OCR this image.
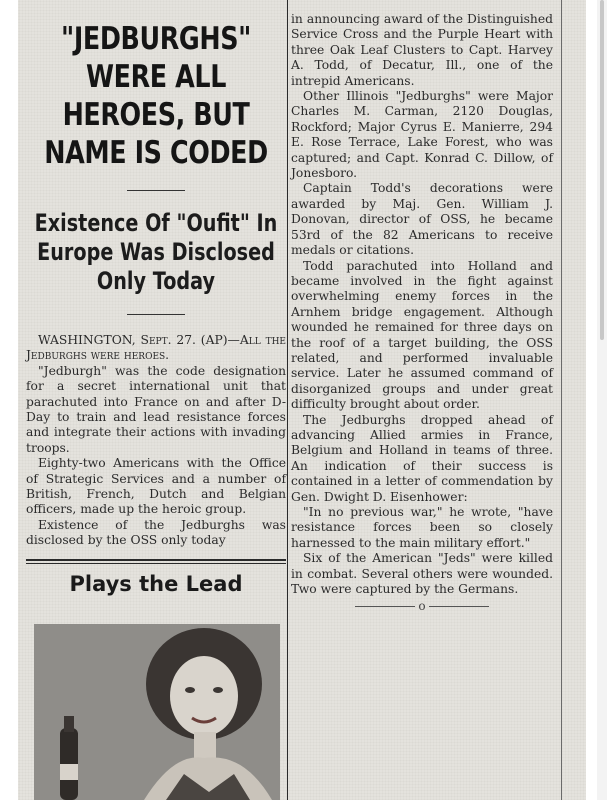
"JEDBURGHS" WERE ALL HEROES, BUT NAME IS CODED
Existence Of "Oufit" In Europe Was Disclosed Only Today

WASHINGTON, Sept. 27. (AP)—All the Jedburghs were heroes.

"Jedburgh" was the code designation for a secret international unit that parachuted into France on and after D-Day to train and lead resistance forces and integrate their actions with invading troops.

Eighty-two Americans with the Office of Strategic Services and a number of British, French, Dutch and Belgian officers, made up the heroic group.

Existence of the Jedburghs was disclosed by the OSS only today

Plays the Lead

in announcing award of the Distinguished Service Cross and the Purple Heart with three Oak Leaf Clusters to Capt. Harvey A. Todd, of Decatur, Ill., one of the intrepid Americans.

Other Illinois "Jedburghs" were Major Charles M. Carman, 2120 Douglas, Rockford; Major Cyrus E. Manierre, 294 E. Rose Terrace, Lake Forest, who was captured; and Capt. Konrad C. Dillow, of Jonesboro.

Captain Todd's decorations were awarded by Maj. Gen. William J. Donovan, director of OSS, he became 53rd of the 82 Americans to receive medals or citations.

Todd parachuted into Holland and became involved in the fight against overwhelming enemy forces in the Arnhem bridge engagement. Although wounded he remained for three days on the roof of a target building, the OSS related, and performed invaluable service. Later he assumed command of disorganized groups and under great difficulty brought about order.

The Jedburghs dropped ahead of advancing Allied armies in France, Belgium and Holland in teams of three. An indication of their success is contained in a letter of commendation by Gen. Dwight D. Eisenhower:

"In no previous war," he wrote, "have resistance forces been so closely harnessed to the main military effort."

Six of the American "Jeds" were killed in combat. Several others were wounded. Two were captured by the Germans.

o
